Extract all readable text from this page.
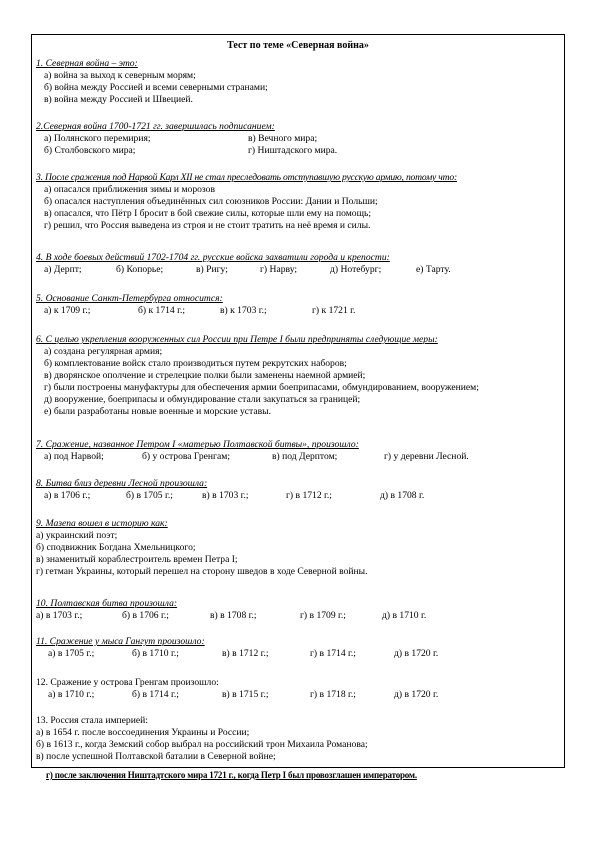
Тест по теме «Северная война»
1. Северная война – это:
а) война за выход к северным морям;
б) война между Россией и всеми северными странами;
в) война между Россией и Швецией.
2.Северная война 1700-1721 гг. завершилась подписанием:
а) Полянского перемирия;	в) Вечного мира;
б) Столбовского мира;	г) Ништадского мира.
3. После сражения под Нарвой Карл XII не стал преследовать отступавшую русскую армию, потому что:
а) опасался приближения зимы и морозов
б) опасался наступления объединённых сил союзников России: Дании и Польши;
в) опасался, что Пётр I бросит в бой свежие силы, которые шли ему на помощь;
г) решил, что Россия выведена из строя и не стоит тратить на неё время и силы.
4. В ходе боевых действий 1702-1704 гг. русские войска захватили города и крепости:
а) Дерпт;	б) Копорье;	в) Ригу;	г) Нарву;	д) Нотебург;	е) Тарту.
5. Основание Санкт-Петербурга относится:
а) к 1709 г.;	б) к 1714 г.;	в) к 1703 г.;	г) к 1721 г.
6. С целью укрепления вооруженных сил России при Петре I были предприняты следующие меры:
а) создана регулярная армия;
б) комплектование войск стало производиться путем рекрутских наборов;
в) дворянское ополчение и стрелецкие полки были заменены наемной армией;
г) были построены мануфактуры для обеспечения армии боеприпасами, обмундированием, вооружением;
д) вооружение, боеприпасы и обмундирование стали закупаться за границей;
е) были разработаны новые военные и морские уставы.
7. Сражение, названное Петром I «матерью Полтавской битвы», произошло:
а) под Нарвой;	б) у острова Гренгам;	в) под Дерптом;	г) у деревни Лесной.
8. Битва близ деревни Лесной произошла:
а) в 1706 г.;	б) в 1705 г.;	в) в 1703 г.;	г) в 1712 г.;	д) в 1708 г.
9. Мазепа вошел в историю как:
а) украинский поэт;
б) сподвижник Богдана Хмельницкого;
в) знаменитый кораблестроитель времен Петра I;
г) гетман Украины, который перешел на сторону шведов в ходе Северной войны.
10. Полтавская битва произошла:
а) в 1703 г.;	б) в 1706 г.;	в) в 1708 г.;	г) в 1709 г.;	д) в 1710 г.
11. Сражение у мыса Гангут произошло:
а) в 1705 г.;	б) в 1710 г.;	в) в 1712 г.;	г) в 1714 г.;	д) в 1720 г.
12. Сражение у острова Гренгам произошло:
а) в 1710 г.;	б) в 1714 г.;	в) в 1715 г.;	г) в 1718 г.;	д) в 1720 г.
13. Россия стала империей:
а) в 1654 г. после воссоединения Украины и России;
б) в 1613 г., когда Земский собор выбрал на российский трон Михаила Романова;
в) после успешной Полтавской баталии в Северной войне;
г) после заключения Ништадтского мира 1721 г., когда Петр I был провозглашен императором.
